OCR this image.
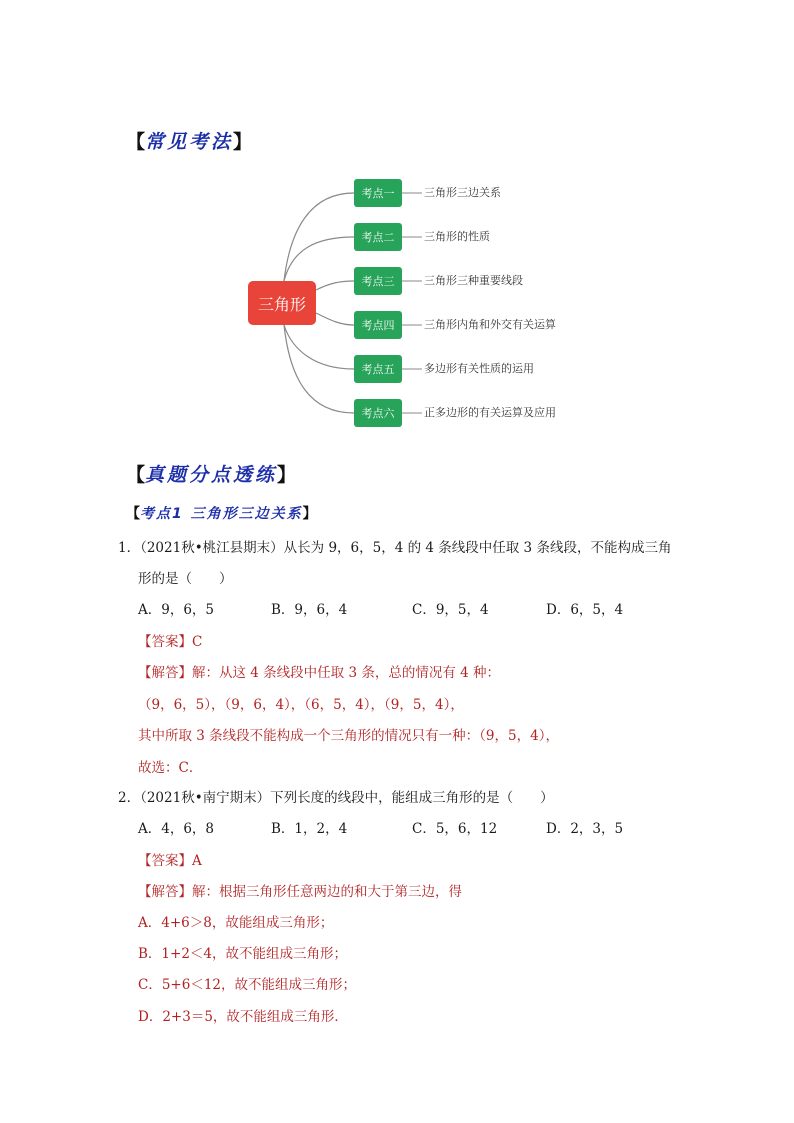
【常见考法】
三角形
考点一
考点二
考点三
考点四
考点五
考点六
三角形三边关系
三角形的性质
三角形三种重要线段
三角形内角和外交有关运算
多边形有关性质的运用
正多边形的有关运算及应用
【真题分点透练】
【考点1 三角形三边关系】
1．（2021秋•桃江县期末）从长为 9，6，5，4 的 4 条线段中任取 3 条线段，不能构成三角
形的是（　　）
A．9，6，5	B．9，6，4	C．9，5，4	D．6，5，4
【答案】C
【解答】解：从这 4 条线段中任取 3 条，总的情况有 4 种：
（9，6，5），（9，6，4），（6，5，4），（9，5，4），
其中所取 3 条线段不能构成一个三角形的情况只有一种：（9，5，4），
故选：C．
2．（2021秋•南宁期末）下列长度的线段中，能组成三角形的是（　　）
A．4，6，8	B．1，2，4	C．5，6，12	D．2，3，5
【答案】A
【解答】解：根据三角形任意两边的和大于第三边，得
A．4+6＞8，故能组成三角形；
B．1+2＜4，故不能组成三角形；
C．5+6＜12，故不能组成三角形；
D．2+3＝5，故不能组成三角形．
